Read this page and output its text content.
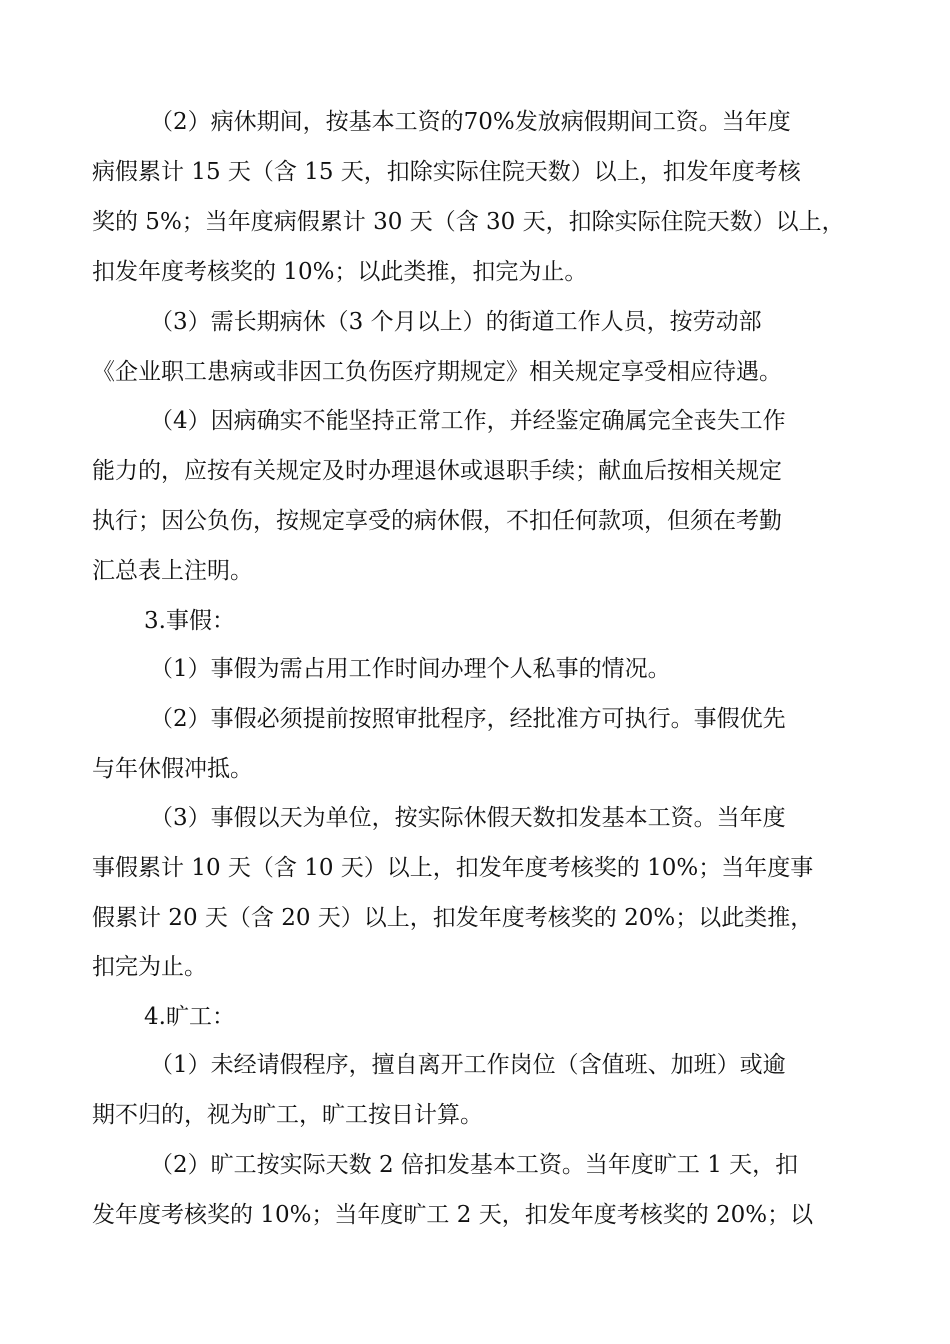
（2）病休期间，按基本工资的70%发放病假期间工资。当年度
病假累计 15 天（含 15 天，扣除实际住院天数）以上，扣发年度考核
奖的 5%；当年度病假累计 30 天（含 30 天，扣除实际住院天数）以上，
扣发年度考核奖的 10%；以此类推，扣完为止。
（3）需长期病休（3 个月以上）的街道工作人员，按劳动部
《企业职工患病或非因工负伤医疗期规定》相关规定享受相应待遇。
（4）因病确实不能坚持正常工作，并经鉴定确属完全丧失工作
能力的，应按有关规定及时办理退休或退职手续；献血后按相关规定
执行；因公负伤，按规定享受的病休假，不扣任何款项，但须在考勤
汇总表上注明。
3.事假：
（1）事假为需占用工作时间办理个人私事的情况。
（2）事假必须提前按照审批程序，经批准方可执行。事假优先
与年休假冲抵。
（3）事假以天为单位，按实际休假天数扣发基本工资。当年度
事假累计 10 天（含 10 天）以上，扣发年度考核奖的 10%；当年度事
假累计 20 天（含 20 天）以上，扣发年度考核奖的 20%；以此类推，
扣完为止。
4.旷工：
（1）未经请假程序，擅自离开工作岗位（含值班、加班）或逾
期不归的，视为旷工，旷工按日计算。
（2）旷工按实际天数 2 倍扣发基本工资。当年度旷工 1 天，扣
发年度考核奖的 10%；当年度旷工 2 天，扣发年度考核奖的 20%；以
